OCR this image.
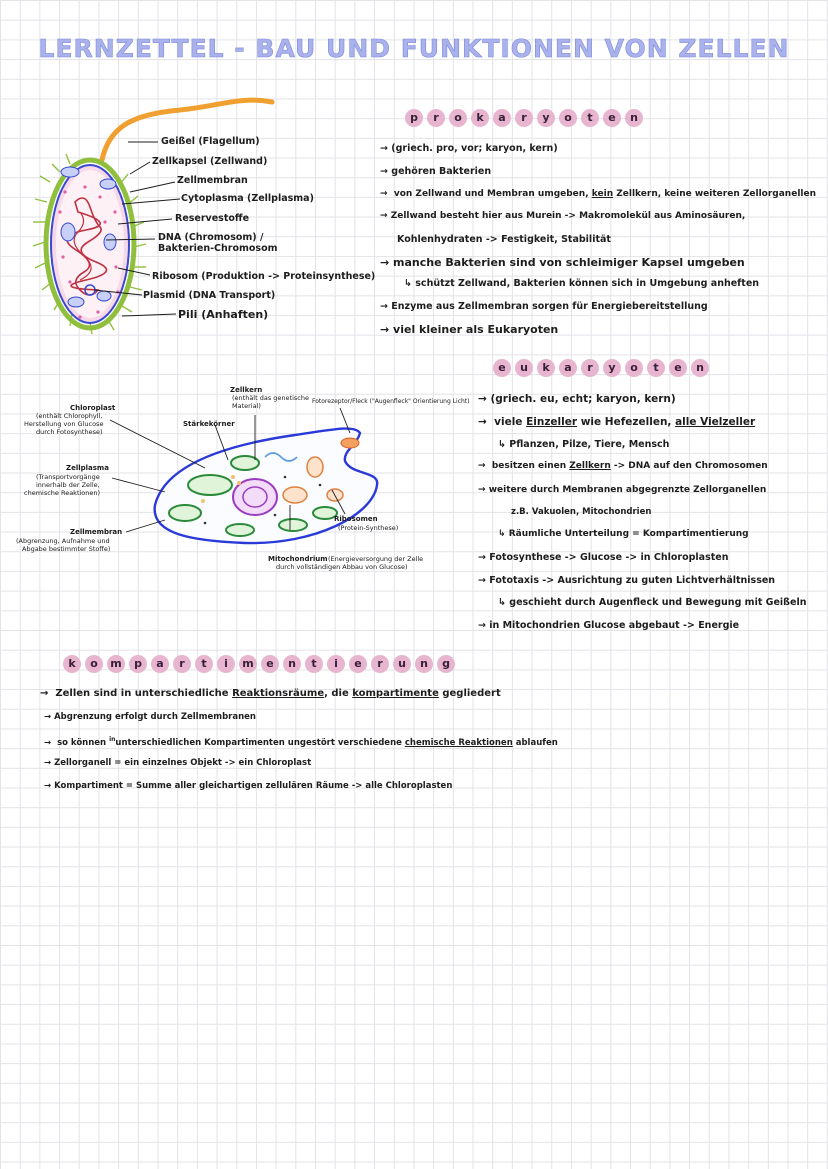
LERNZETTEL - BAU UND FUNKTIONEN VON ZELLEN
Geißel (Flagellum)
Zellkapsel (Zellwand)
Zellmembran
Cytoplasma (Zellplasma)
Reservestoffe
DNA (Chromosom) /
Bakterien-Chromosom
Ribosom (Produktion -> Proteinsynthese)
Plasmid (DNA Transport)
Pili (Anhaften)
p	r	o	k	a	r	y	o	t	e	n
→ (griech. pro, vor; karyon, kern)
→ gehören Bakterien
→ von Zellwand und Membran umgeben, kein Zellkern, keine weiteren Zellorganellen
→ Zellwand besteht hier aus Murein -> Makromolekül aus Aminosäuren,
Kohlenhydraten -> Festigkeit, Stabilität
→ manche Bakterien sind von schleimiger Kapsel umgeben
↳ schützt Zellwand, Bakterien können sich in Umgebung anheften
→ Enzyme aus Zellmembran sorgen für Energiebereitstellung
→ viel kleiner als Eukaryoten
Zellkern
(enthält das genetische
Material)
Fotorezeptor/Fleck ("Augenfleck" Orientierung Licht)
Chloroplast
(enthält Chlorophyll,
Herstellung von Glucose
durch Fotosynthese)
Stärkekörner
Zellplasma
(Transportvorgänge
innerhalb der Zelle,
chemische Reaktionen)
Zellmembran
(Abgrenzung, Aufnahme und
Abgabe bestimmter Stoffe)
Ribosomen
(Protein-Synthese)
Mitochondrium (Energieversorgung der Zelle
durch vollständigen Abbau von Glucose)
e	u	k	a	r	y	o	t	e	n
→ (griech. eu, echt; karyon, kern)
→ viele Einzeller wie Hefezellen, alle Vielzeller
↳ Pflanzen, Pilze, Tiere, Mensch
→ besitzen einen Zellkern -> DNA auf den Chromosomen
→ weitere durch Membranen abgegrenzte Zellorganellen
z.B. Vakuolen, Mitochondrien
↳ Räumliche Unterteilung = Kompartimentierung
→ Fotosynthese -> Glucose -> in Chloroplasten
→ Fototaxis -> Ausrichtung zu guten Lichtverhältnissen
↳ geschieht durch Augenfleck und Bewegung mit Geißeln
→ in Mitochondrien Glucose abgebaut -> Energie
k	o	m	p	a	r	t	i	m	e	n	t	i	e	r	u	n	g
→ Zellen sind in unterschiedliche Reaktionsräume, die kompartimente gegliedert
→ Abgrenzung erfolgt durch Zellmembranen
→ so können $^{in}$unterschiedlichen Kompartimenten ungestört verschiedene chemische Reaktionen ablaufen
→ Zellorganell = ein einzelnes Objekt -> ein Chloroplast
→ Kompartiment = Summe aller gleichartigen zellulären Räume -> alle Chloroplasten
